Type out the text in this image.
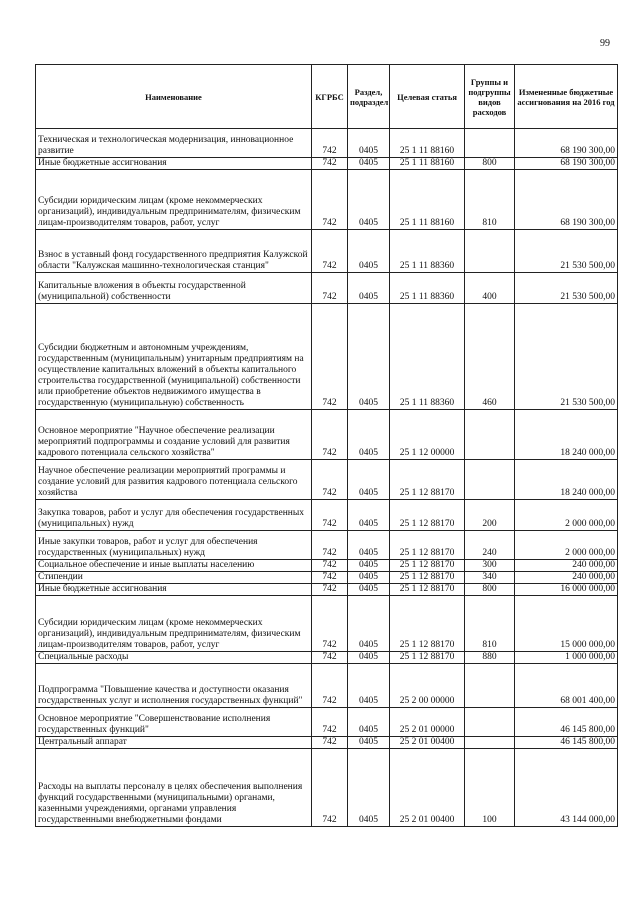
99
Наименование	КГРБС	Раздел, подраздел	Целевая статья	Группы и подгруппы видов расходов	Измененные бюджетные ассигнования на 2016 год
Техническая и технологическая модернизация, инновационное развитие	742	0405	25 1 11 88160		68 190 300,00
Иные бюджетные ассигнования	742	0405	25 1 11 88160	800	68 190 300,00
Субсидии юридическим лицам (кроме некоммерческих организаций), индивидуальным предпринимателям, физическим лицам-производителям товаров, работ, услуг	742	0405	25 1 11 88160	810	68 190 300,00
Взнос в уставный фонд государственного предприятия Калужской области "Калужская машинно-технологическая станция"	742	0405	25 1 11 88360		21 530 500,00
Капитальные вложения в объекты государственной (муниципальной) собственности	742	0405	25 1 11 88360	400	21 530 500,00
Субсидии бюджетным и автономным учреждениям, государственным (муниципальным) унитарным предприятиям на осуществление капитальных вложений в объекты капитального строительства государственной (муниципальной) собственности или приобретение объектов недвижимого имущества в государственную (муниципальную) собственность	742	0405	25 1 11 88360	460	21 530 500,00
Основное мероприятие "Научное обеспечение реализации мероприятий подпрограммы и создание условий для развития кадрового потенциала сельского хозяйства"	742	0405	25 1 12 00000		18 240 000,00
Научное обеспечение реализации мероприятий программы и создание условий для развития кадрового потенциала сельского хозяйства	742	0405	25 1 12 88170		18 240 000,00
Закупка товаров, работ и услуг для обеспечения государственных (муниципальных) нужд	742	0405	25 1 12 88170	200	2 000 000,00
Иные закупки товаров, работ и услуг для обеспечения государственных (муниципальных) нужд	742	0405	25 1 12 88170	240	2 000 000,00
Социальное обеспечение и иные выплаты населению	742	0405	25 1 12 88170	300	240 000,00
Стипендии	742	0405	25 1 12 88170	340	240 000,00
Иные бюджетные ассигнования	742	0405	25 1 12 88170	800	16 000 000,00
Субсидии юридическим лицам (кроме некоммерческих организаций), индивидуальным предпринимателям, физическим лицам-производителям товаров, работ, услуг	742	0405	25 1 12 88170	810	15 000 000,00
Специальные расходы	742	0405	25 1 12 88170	880	1 000 000,00
Подпрограмма "Повышение качества и доступности оказания государственных услуг и исполнения государственных функций"	742	0405	25 2 00 00000		68 001 400,00
Основное мероприятие "Совершенствование исполнения государственных функций"	742	0405	25 2 01 00000		46 145 800,00
Центральный аппарат	742	0405	25 2 01 00400		46 145 800,00
Расходы на выплаты персоналу в целях обеспечения выполнения функций государственными (муниципальными) органами, казенными учреждениями, органами управления государственными внебюджетными фондами	742	0405	25 2 01 00400	100	43 144 000,00
